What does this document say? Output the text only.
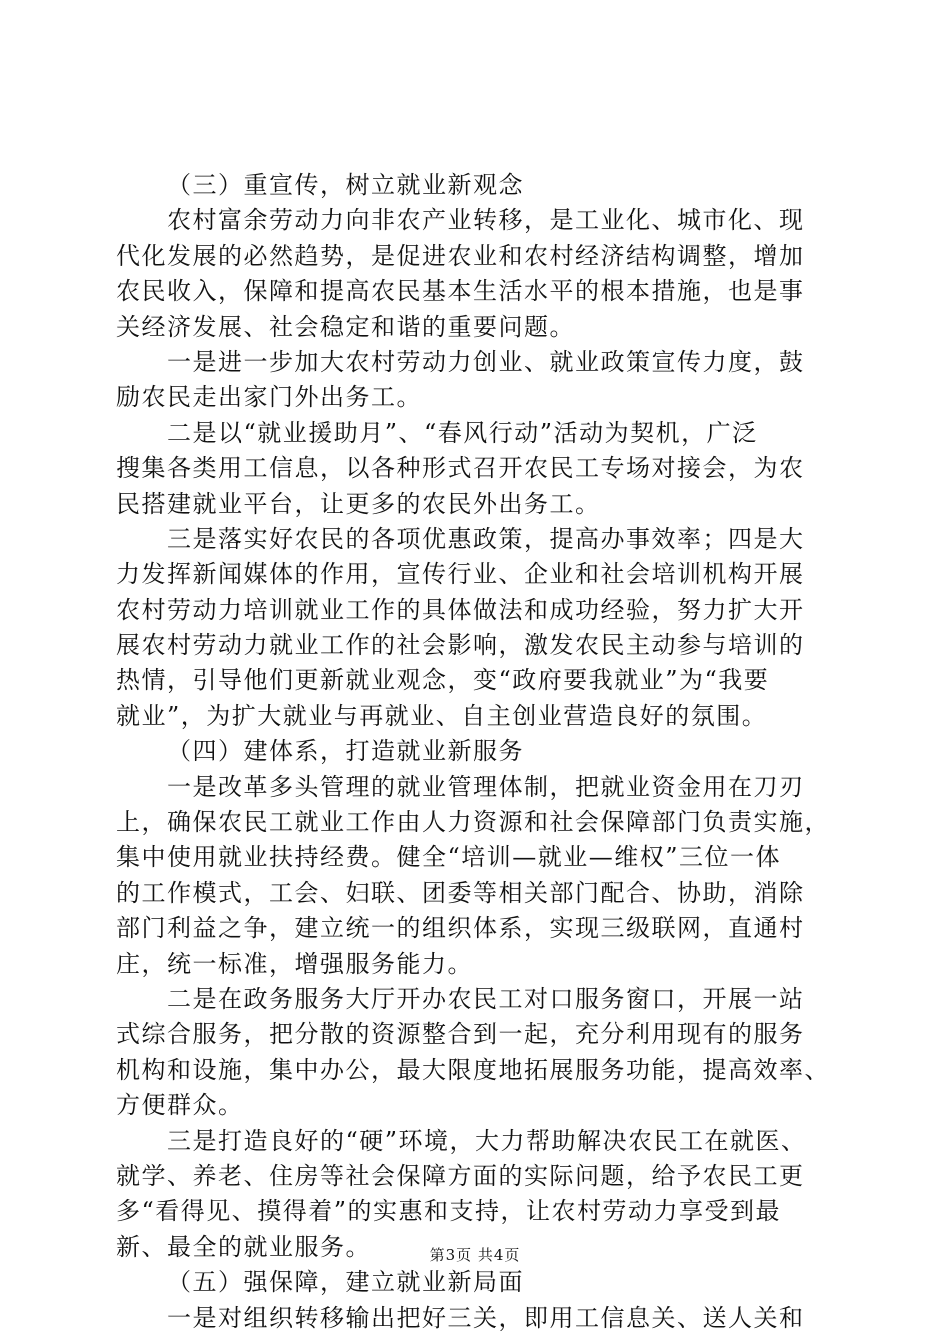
（三）重宣传，树立就业新观念
农村富余劳动力向非农产业转移，是工业化、城市化、现
代化发展的必然趋势，是促进农业和农村经济结构调整，增加
农民收入，保障和提高农民基本生活水平的根本措施，也是事
关经济发展、社会稳定和谐的重要问题。
一是进一步加大农村劳动力创业、就业政策宣传力度，鼓
励农民走出家门外出务工。
二是以“就业援助月”、“春风行动”活动为契机，广泛
搜集各类用工信息，以各种形式召开农民工专场对接会，为农
民搭建就业平台，让更多的农民外出务工。
三是落实好农民的各项优惠政策，提高办事效率；四是大
力发挥新闻媒体的作用，宣传行业、企业和社会培训机构开展
农村劳动力培训就业工作的具体做法和成功经验，努力扩大开
展农村劳动力就业工作的社会影响，激发农民主动参与培训的
热情，引导他们更新就业观念，变“政府要我就业”为“我要
就业”，为扩大就业与再就业、自主创业营造良好的氛围。
（四）建体系，打造就业新服务
一是改革多头管理的就业管理体制，把就业资金用在刀刃
上，确保农民工就业工作由人力资源和社会保障部门负责实施，
集中使用就业扶持经费。健全“培训—就业—维权”三位一体
的工作模式，工会、妇联、团委等相关部门配合、协助，消除
部门利益之争，建立统一的组织体系，实现三级联网，直通村
庄，统一标准，增强服务能力。
二是在政务服务大厅开办农民工对口服务窗口，开展一站
式综合服务，把分散的资源整合到一起，充分利用现有的服务
机构和设施，集中办公，最大限度地拓展服务功能，提高效率、
方便群众。
三是打造良好的“硬”环境，大力帮助解决农民工在就医、
就学、养老、住房等社会保障方面的实际问题，给予农民工更
多“看得见、摸得着”的实惠和支持，让农村劳动力享受到最
新、最全的就业服务。
（五）强保障，建立就业新局面
一是对组织转移输出把好三关，即用工信息关、送人关和
第3页 共4页
